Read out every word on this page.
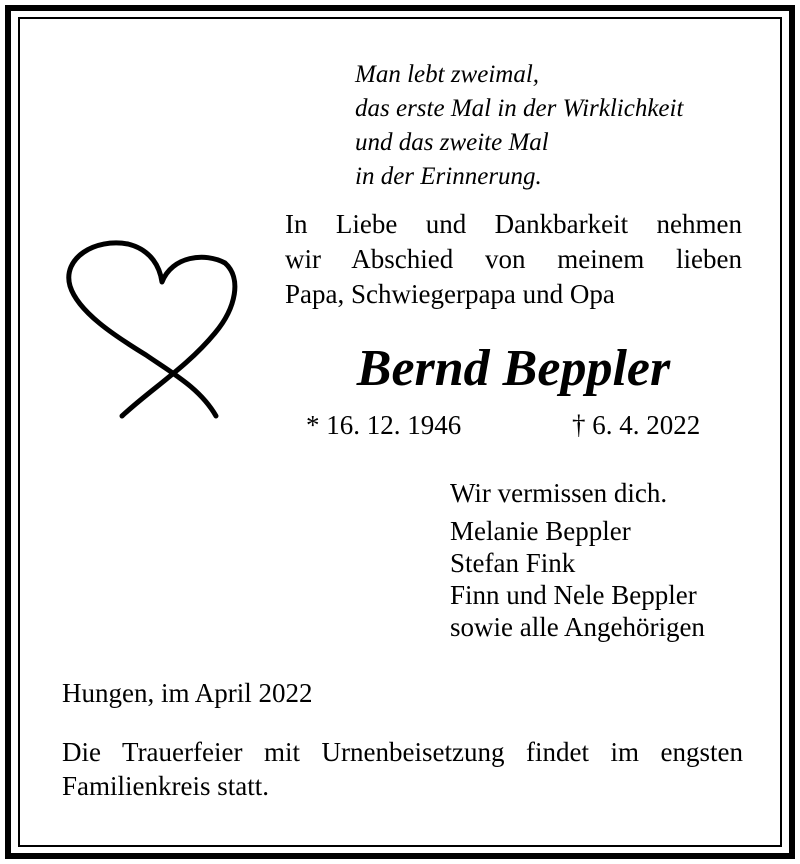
Man lebt zweimal,
das erste Mal in der Wirklichkeit
und das zweite Mal
in der Erinnerung.
In Liebe und Dankbarkeit nehmen
wir Abschied von meinem lieben
Papa, Schwiegerpapa und Opa
Bernd Beppler
* 16. 12. 1946	† 6. 4. 2022
Wir vermissen dich.
Melanie Beppler
Stefan Fink
Finn und Nele Beppler
sowie alle Angehörigen
Hungen, im April 2022
Die Trauerfeier mit Urnenbeisetzung findet im engsten
Familienkreis statt.
